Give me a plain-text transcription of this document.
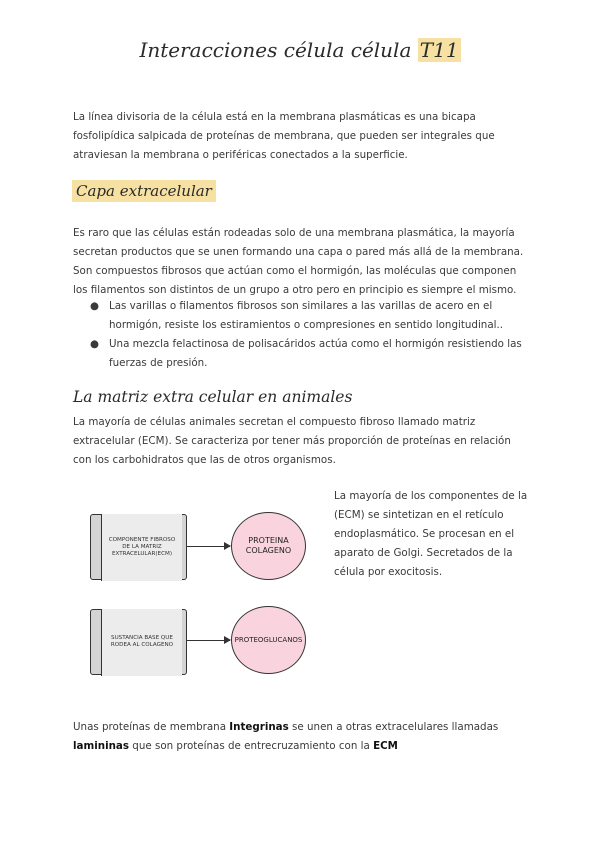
Interacciones célula célula T11

La línea divisoria de la célula está en la membrana plasmáticas es una bicapa fosfolipídica salpicada de proteínas de membrana, que pueden ser integrales que atraviesan la membrana o periféricas conectados a la superficie.

Capa extracelular

Es raro que las células están rodeadas solo de una membrana plasmática, la mayoría secretan productos que se unen formando una capa o pared más allá de la membrana. Son compuestos fibrosos que actúan como el hormigón, las moléculas que componen los filamentos son distintos de un grupo a otro pero en principio es siempre el mismo.

● Las varillas o filamentos fibrosos son similares a las varillas de acero en el hormigón, resiste los estiramientos o compresiones en sentido longitudinal..
● Una mezcla felactinosa de polisacáridos actúa como el hormigón resistiendo las fuerzas de presión.
La matriz extra celular en animales

La mayoría de células animales secretan el compuesto fibroso llamado matriz extracelular (ECM). Se caracteriza por tener más proporción de proteínas en relación con los carbohidratos que las de otros organismos.

COMPONENTE FIBROSO DE LA MATRIZ EXTRACELULAR(ECM)
PROTEINA COLAGENO
SUSTANCIA BASE QUE RODEA AL COLAGENO
PROTEOGLUCANOS

La mayoría de los componentes de la (ECM) se sintetizan en el retículo endoplasmático. Se procesan en el aparato de Golgi. Secretados de la célula por exocitosis.

Unas proteínas de membrana Integrinas se unen a otras extracelulares llamadas lamininas que son proteínas de entrecruzamiento con la ECM
